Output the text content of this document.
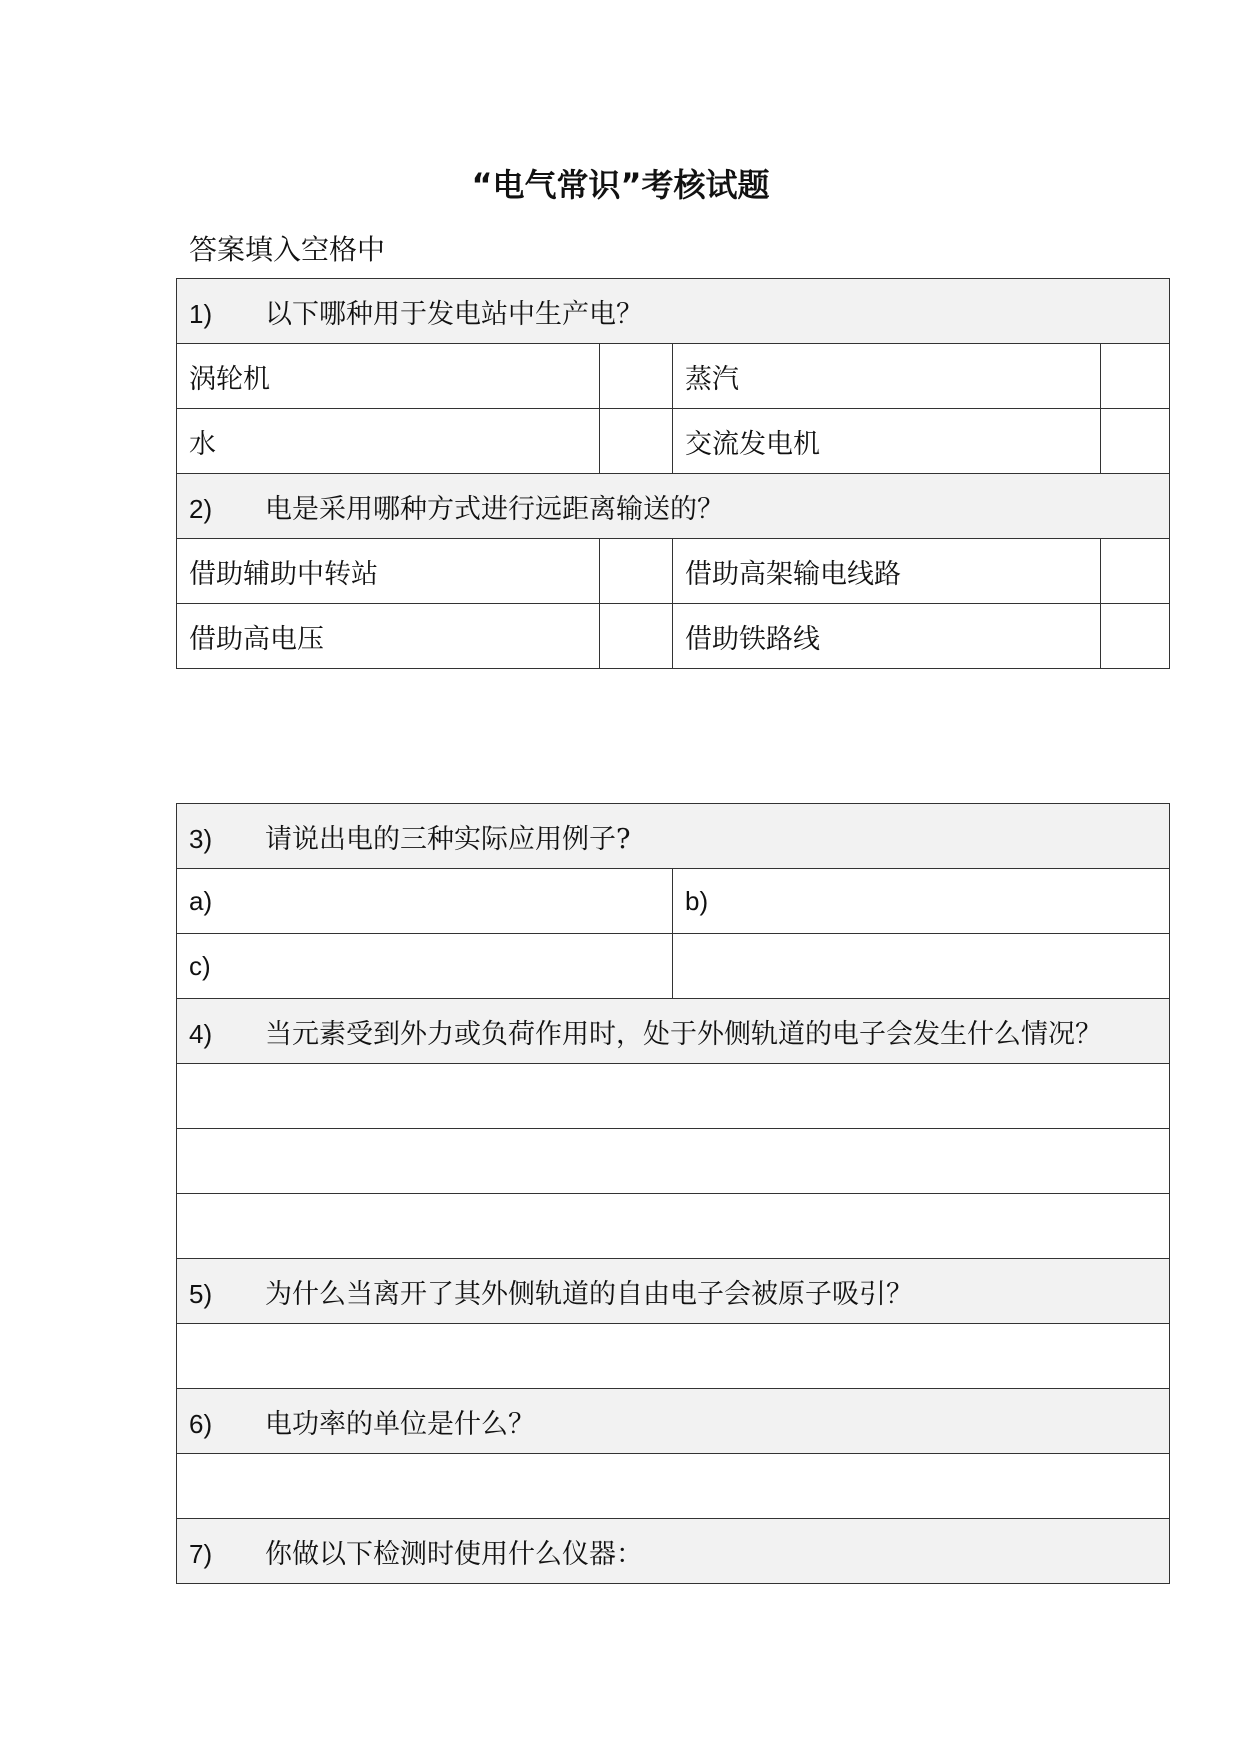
“电气常识”考核试题
答案填入空格中
1) 以下哪种用于发电站中生产电？			
涡轮机		蒸汽	
水		交流发电机	
2) 电是采用哪种方式进行远距离输送的？			
借助辅助中转站		借助高架输电线路	
借助高电压		借助铁路线	
3) 请说出电的三种实际应用例子?	
a)	b)
c)	
4) 当元素受到外力或负荷作用时，处于外侧轨道的电子会发生什么情况？	

5) 为什么当离开了其外侧轨道的自由电子会被原子吸引？	

6) 电功率的单位是什么？	

7) 你做以下检测时使用什么仪器：	
